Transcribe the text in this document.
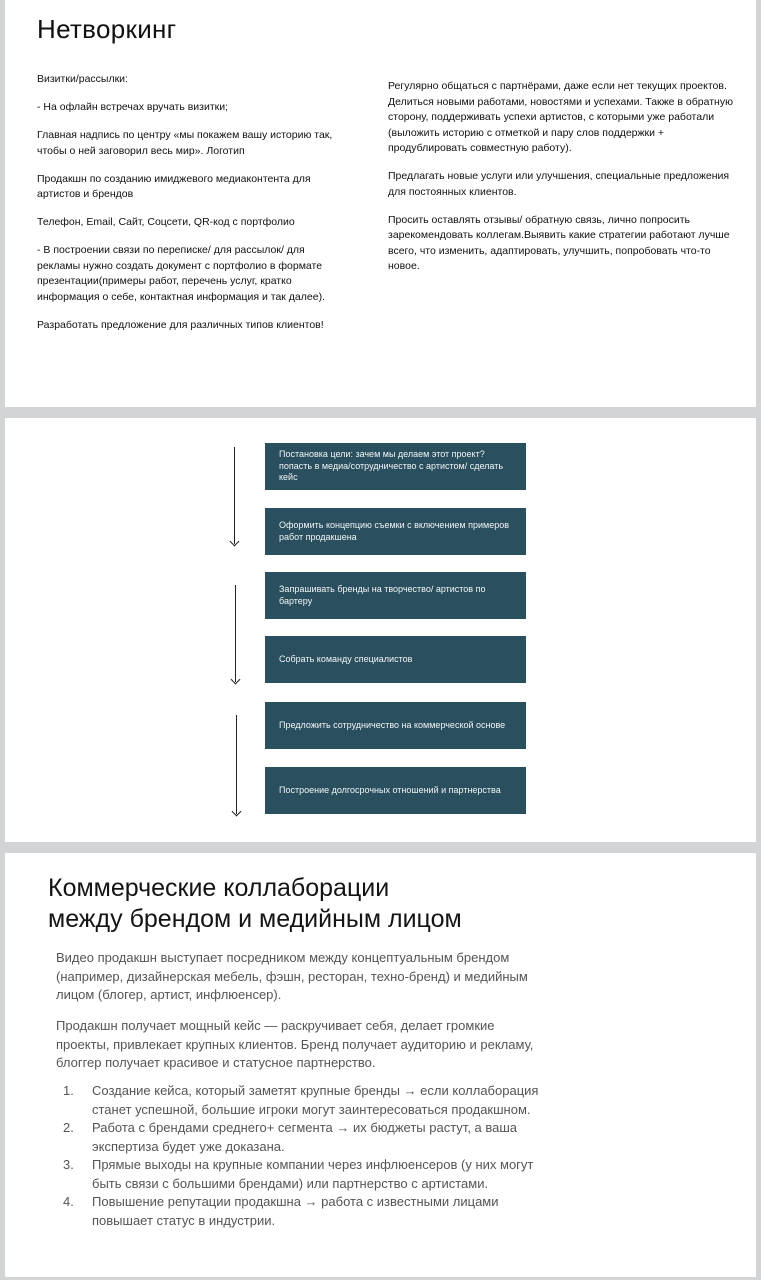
Нетворкинг

Визитки/рассылки:

- На офлайн встречах вручать визитки;

Главная надпись по центру «мы покажем вашу историю так, чтобы о ней заговорил весь мир». Логотип

Продакшн по созданию имиджевого медиаконтента для артистов и брендов

Телефон, Email, Сайт, Соцсети, QR-код с портфолио

- В построении связи по переписке/ для рассылок/ для рекламы нужно создать документ с портфолио в формате презентации(примеры работ, перечень услуг, кратко информация о себе, контактная информация и так далее).

Разработать предложение для различных типов клиентов!

Регулярно общаться с партнёрами, даже если нет текущих проектов. Делиться новыми работами, новостями и успехами. Также в обратную сторону, поддерживать успехи артистов, с которыми уже работали (выложить историю с отметкой и пару слов поддержки + продублировать совместную работу).

Предлагать новые услуги или улучшения, специальные предложения для постоянных клиентов.

Просить оставлять отзывы/ обратную связь, лично попросить зарекомендовать коллегам.Выявить какие стратегии работают лучше всего, что изменить, адаптировать, улучшить, попробовать что-то новое.

Постановка цели: зачем мы делаем этот проект? попасть в медиа/сотрудничество с артистом/ сделать кейс
Оформить концепцию съемки с включением примеров работ продакшена
Запрашивать бренды на творчество/ артистов по бартеру
Собрать команду специалистов
Предложить сотрудничество на коммерческой основе
Построение долгосрочных отношений и партнерства
Коммерческие коллаборации
между брендом и медийным лицом

Видео продакшн выступает посредником между концептуальным брендом (например, дизайнерская мебель, фэшн, ресторан, техно-бренд) и медийным лицом (блогер, артист, инфлюенсер).

Продакшн получает мощный кейс — раскручивает себя, делает громкие проекты, привлекает крупных клиентов. Бренд получает аудиторию и рекламу, блоггер получает красивое и статусное партнерство.

1.	Создание кейса, который заметят крупные бренды → если коллаборация станет успешной, большие игроки могут заинтересоваться продакшном.
2.	Работа с брендами среднего+ сегмента → их бюджеты растут, а ваша экспертиза будет уже доказана.
3.	Прямые выходы на крупные компании через инфлюенсеров (у них могут быть связи с большими брендами) или партнерство с артистами.
4.	Повышение репутации продакшна → работа с известными лицами повышает статус в индустрии.
